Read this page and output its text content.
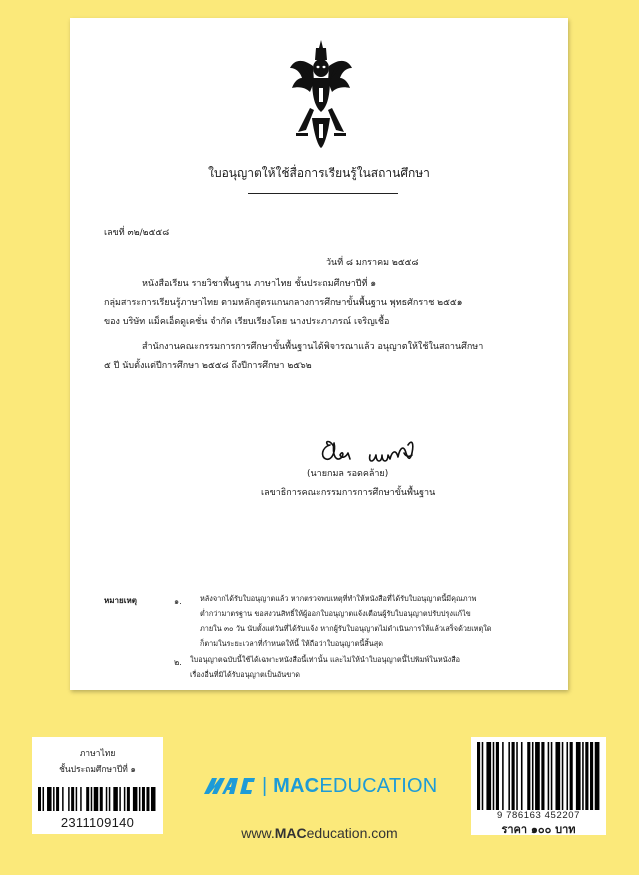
ใบอนุญาตให้ใช้สื่อการเรียนรู้ในสถานศึกษา
เลขที่ ๓๒/๒๕๕๘
วันที่ ๘ มกราคม ๒๕๕๘
หนังสือเรียน รายวิชาพื้นฐาน ภาษาไทย ชั้นประถมศึกษาปีที่ ๑
กลุ่มสาระการเรียนรู้ภาษาไทย ตามหลักสูตรแกนกลางการศึกษาขั้นพื้นฐาน พุทธศักราช ๒๕๕๑
ของ บริษัท แม็คเอ็ดดูเคชั่น จำกัด เรียบเรียงโดย นางประภาภรณ์ เจริญเชื้อ
สำนักงานคณะกรรมการการศึกษาขั้นพื้นฐานได้พิจารณาแล้ว อนุญาตให้ใช้ในสถานศึกษา
๕ ปี นับตั้งแต่ปีการศึกษา ๒๕๕๘ ถึงปีการศึกษา ๒๕๖๒
(นายกมล รอดคล้าย)
เลขาธิการคณะกรรมการการศึกษาขั้นพื้นฐาน
หมายเหตุ	๑.	หลังจากได้รับใบอนุญาตแล้ว หากตรวจพบเหตุที่ทำให้หนังสือที่ได้รับใบอนุญาตนี้มีคุณภาพ
ต่ำกว่ามาตรฐาน ขอสงวนสิทธิ์ให้ผู้ออกใบอนุญาตแจ้งเตือนผู้รับใบอนุญาตปรับปรุงแก้ไข
ภายใน ๓๐ วัน นับตั้งแต่วันที่ได้รับแจ้ง หากผู้รับใบอนุญาตไม่ดำเนินการให้แล้วเสร็จด้วยเหตุใด
ก็ตามในระยะเวลาที่กำหนดให้นี้ ให้ถือว่าใบอนุญาตนี้สิ้นสุด
๒. ใบอนุญาตฉบับนี้ใช้ได้เฉพาะหนังสือนี้เท่านั้น และไม่ให้นำใบอนุญาตนี้ไปพิมพ์ในหนังสือ
เรื่องอื่นที่มิได้รับอนุญาตเป็นอันขาด
ภาษาไทย
ชั้นประถมศึกษาปีที่ ๑
2311109140
| MACEDUCATION
www.MACeducation.com
9 786163 452207
ราคา ๑๐๐ บาท
